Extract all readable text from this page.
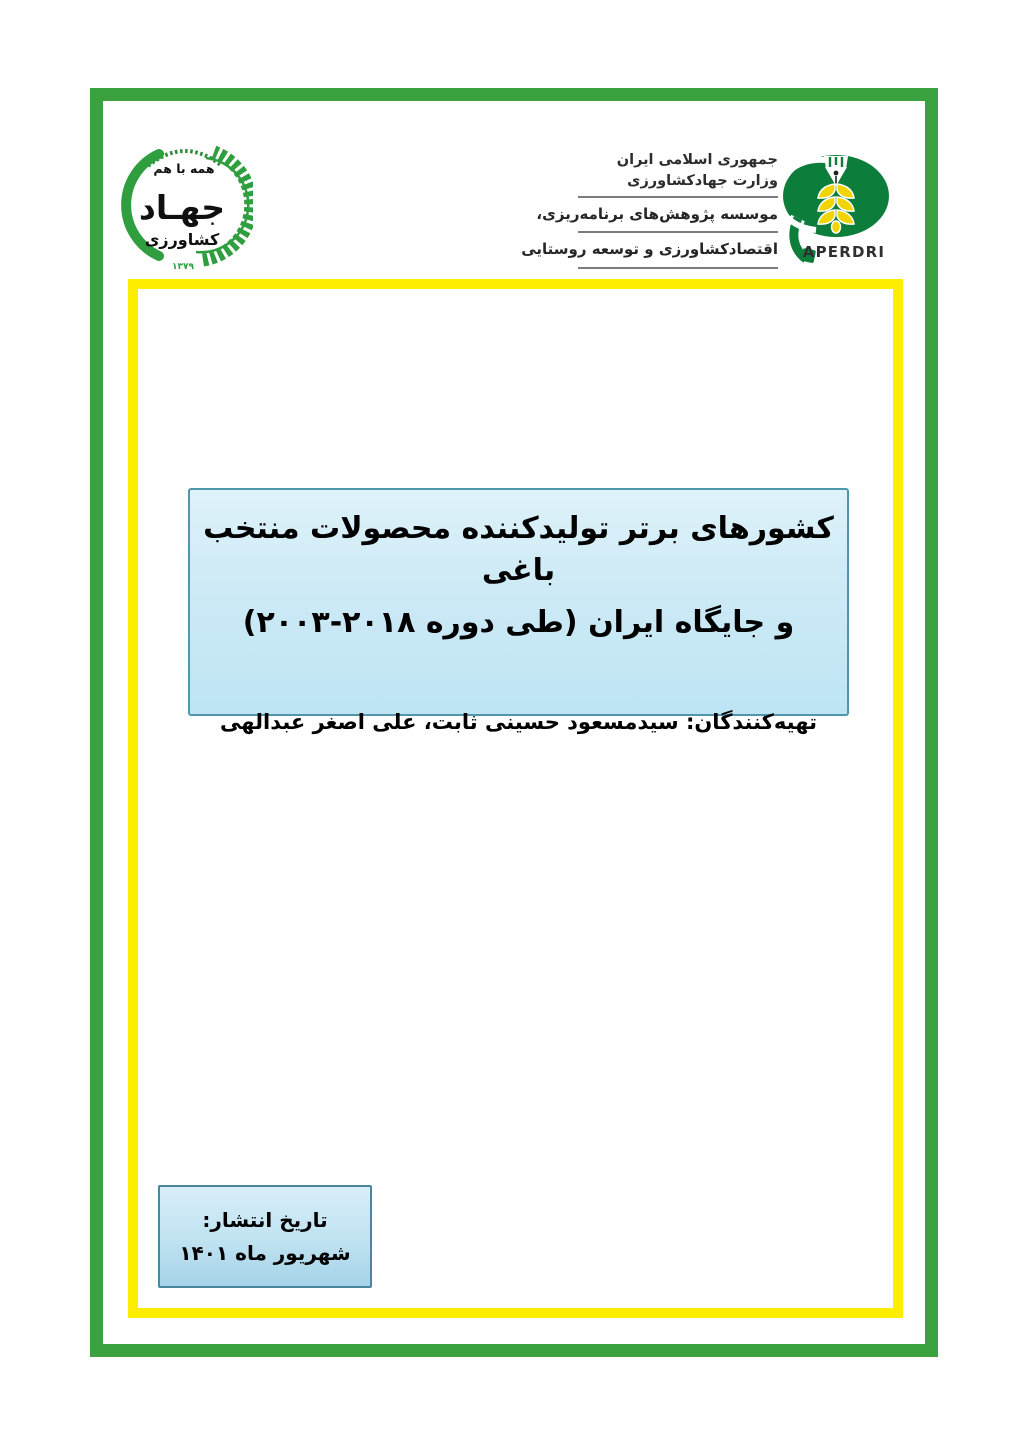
همه با هم
جهـاد
کشاورزی
۱۳۷۹
جمهوری اسلامی ایران
وزارت جهادکشاورزی
موسسه پژوهش‌های برنامه‌ریزی،
اقتصادکشاورزی و توسعه روستایی APERDRI
کشورهای برتر تولیدکننده محصولات منتخب باغی
و جایگاه ایران (طی دوره ۲۰۱۸-۲۰۰۳)
تهیه‌کنندگان: سیدمسعود حسینی ثابت، علی اصغر عبدالهی
تاریخ انتشار:
شهریور ماه ۱۴۰۱
